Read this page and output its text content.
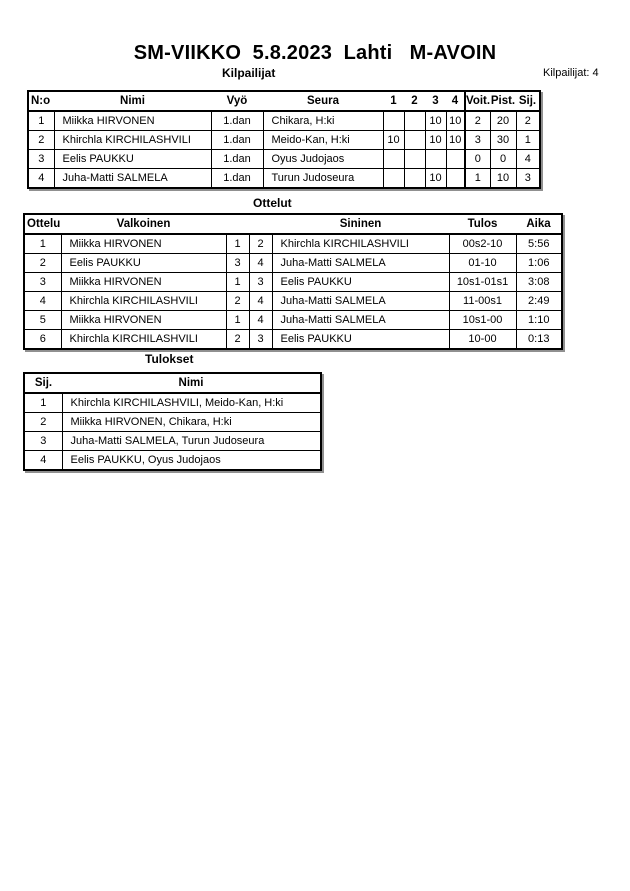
SM-VIIKKO  5.8.2023  Lahti   M-AVOIN
Kilpailijat	Kilpailijat: 4
N:o	Nimi	Vyö	Seura	1	2	3	4	Voit.	Pist.	Sij.
1	Miikka HIRVONEN	1.dan	Chikara, H:ki			10	10	2	20	2
2	Khirchla KIRCHILASHVILI	1.dan	Meido-Kan, H:ki	10		10	10	3	30	1
3	Eelis PAUKKU	1.dan	Oyus Judojaos					0	0	4
4	Juha-Matti SALMELA	1.dan	Turun Judoseura			10		1	10	3
Ottelut
Ottelu	Valkoinen			Sininen	Tulos	Aika
1	Miikka HIRVONEN	1	2	Khirchla KIRCHILASHVILI	00s2-10	5:56
2	Eelis PAUKKU	3	4	Juha-Matti SALMELA	01-10	1:06
3	Miikka HIRVONEN	1	3	Eelis PAUKKU	10s1-01s1	3:08
4	Khirchla KIRCHILASHVILI	2	4	Juha-Matti SALMELA	11-00s1	2:49
5	Miikka HIRVONEN	1	4	Juha-Matti SALMELA	10s1-00	1:10
6	Khirchla KIRCHILASHVILI	2	3	Eelis PAUKKU	10-00	0:13
Tulokset
Sij.	Nimi
1	Khirchla KIRCHILASHVILI, Meido-Kan, H:ki
2	Miikka HIRVONEN, Chikara, H:ki
3	Juha-Matti SALMELA, Turun Judoseura
4	Eelis PAUKKU, Oyus Judojaos
